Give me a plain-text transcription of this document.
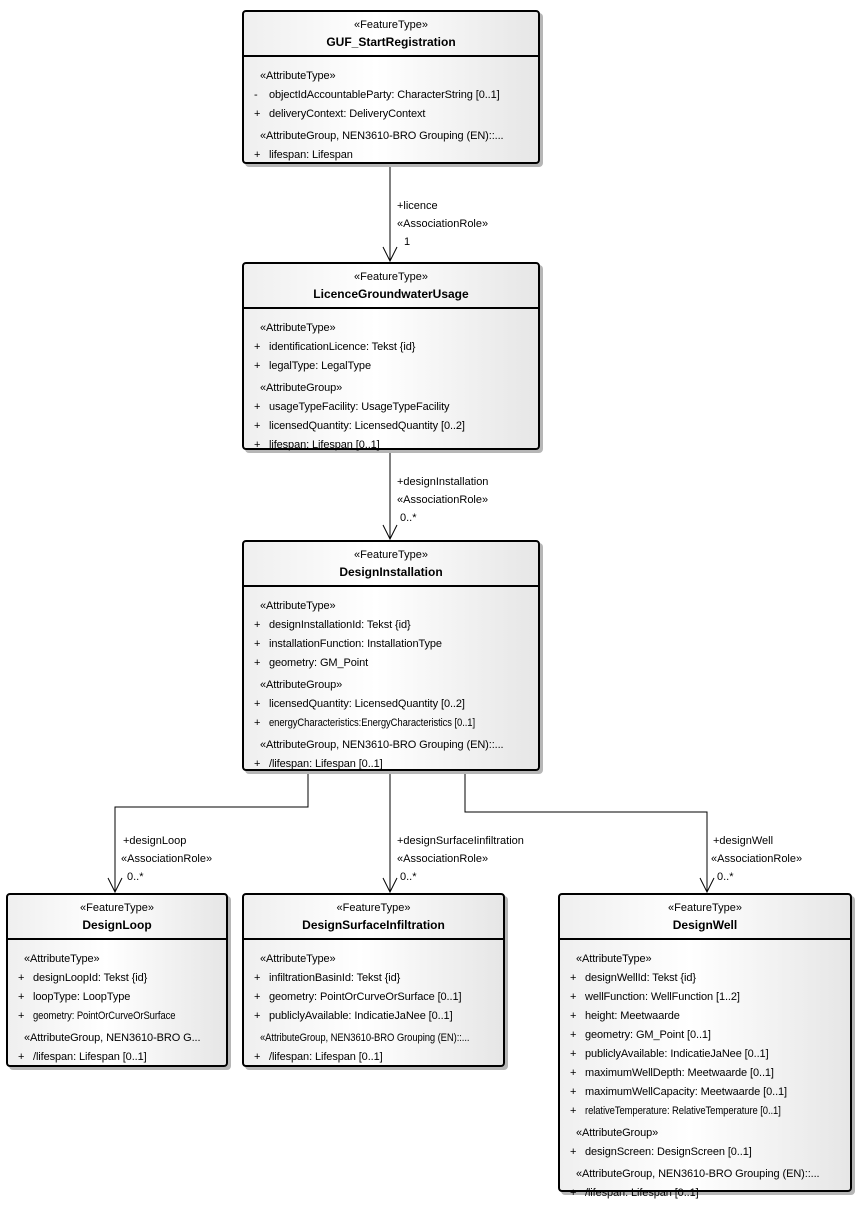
+licence
«AssociationRole»
1
+designInstallation
«AssociationRole»
0..*
+designLoop
«AssociationRole»
0..*
+designSurfaceIinfiltration
«AssociationRole»
0..*
+designWell
«AssociationRole»
0..*
«FeatureType»
GUF_StartRegistration
«AttributeType»
-	objectIdAccountableParty: CharacterString [0..1]
+ deliveryContext: DeliveryContext
«AttributeGroup, NEN3610-BRO Grouping (EN)::...
+ lifespan: Lifespan
«FeatureType»
LicenceGroundwaterUsage
«AttributeType»
+ identificationLicence: Tekst {id}
+ legalType: LegalType
«AttributeGroup»
+ usageTypeFacility: UsageTypeFacility
+ licensedQuantity: LicensedQuantity [0..2]
+ lifespan: Lifespan [0..1]
«FeatureType»
DesignInstallation
«AttributeType»
+ designInstallationId: Tekst {id}
+ installationFunction: InstallationType
+ geometry: GM_Point
«AttributeGroup»
+ licensedQuantity: LicensedQuantity [0..2]
+ energyCharacteristics:EnergyCharacteristics [0..1]
«AttributeGroup, NEN3610-BRO Grouping (EN)::...
+ /lifespan: Lifespan [0..1]
«FeatureType»
DesignLoop
«AttributeType»
+ designLoopId: Tekst {id}
+ loopType: LoopType
+ geometry: PointOrCurveOrSurface
«AttributeGroup, NEN3610-BRO G...
+ /lifespan: Lifespan [0..1]
«FeatureType»
DesignSurfaceInfiltration
«AttributeType»
+ infiltrationBasinId: Tekst {id}
+ geometry: PointOrCurveOrSurface [0..1]
+ publiclyAvailable: IndicatieJaNee [0..1]
«AttributeGroup, NEN3610-BRO Grouping (EN)::...
+ /lifespan: Lifespan [0..1]
«FeatureType»
DesignWell
«AttributeType»
+ designWellId: Tekst {id}
+ wellFunction: WellFunction [1..2]
+ height: Meetwaarde
+ geometry: GM_Point [0..1]
+ publiclyAvailable: IndicatieJaNee [0..1]
+ maximumWellDepth: Meetwaarde [0..1]
+ maximumWellCapacity: Meetwaarde [0..1]
+ relativeTemperature: RelativeTemperature [0..1]
«AttributeGroup»
+ designScreen: DesignScreen [0..1]
«AttributeGroup, NEN3610-BRO Grouping (EN)::...
+ /lifespan: Lifespan [0..1]
